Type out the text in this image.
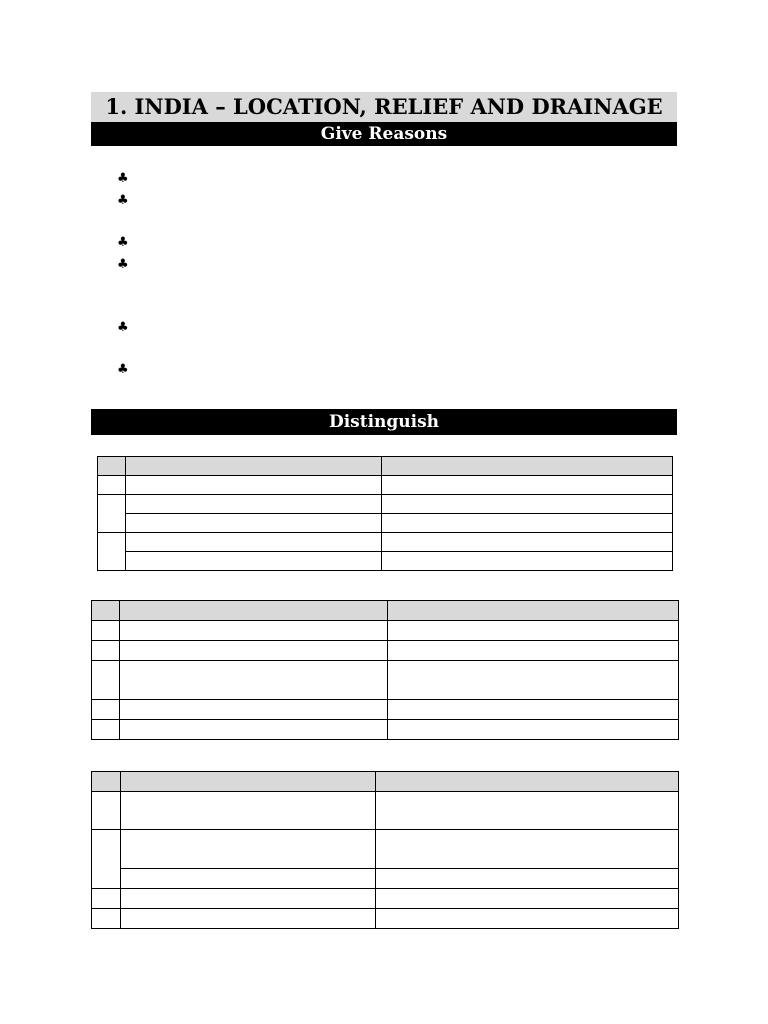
1. INDIA – LOCATION, RELIEF AND DRAINAGE
Give Reasons
♣
♣
♣
♣
♣
♣
Distinguish
